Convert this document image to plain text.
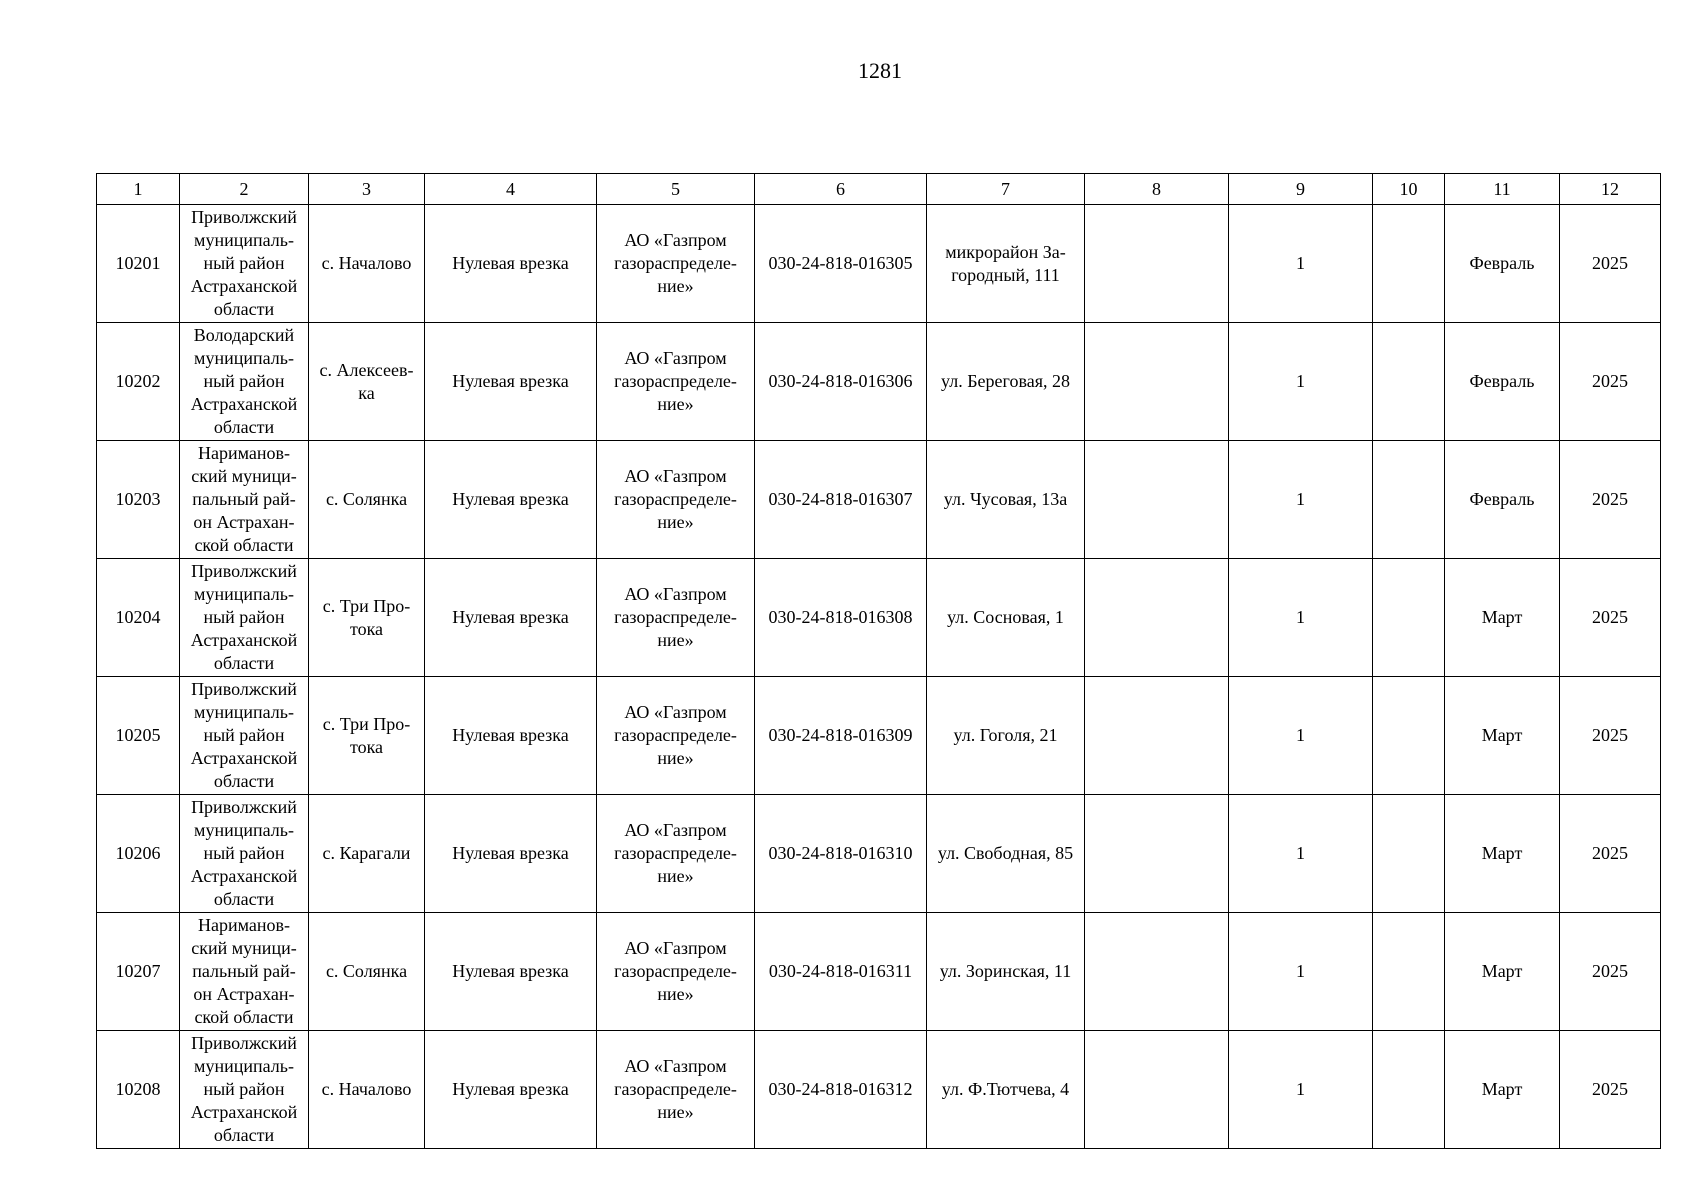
1281
1	2	3	4	5	6	7	8	9	10	11	12
10201	Приволжский
муниципаль-
ный район
Астраханской
области	с. Началово	Нулевая врезка	АО «Газпром
газораспределе-
ние»	030-24-818-016305	микрорайон За-
городный, 111		1		Февраль	2025
10202	Володарский
муниципаль-
ный район
Астраханской
области	с. Алексеев-
ка	Нулевая врезка	АО «Газпром
газораспределе-
ние»	030-24-818-016306	ул. Береговая, 28		1		Февраль	2025
10203	Нариманов-
ский муници-
пальный рай-
он Астрахан-
ской области	с. Солянка	Нулевая врезка	АО «Газпром
газораспределе-
ние»	030-24-818-016307	ул. Чусовая, 13а		1		Февраль	2025
10204	Приволжский
муниципаль-
ный район
Астраханской
области	с. Три Про-
тока	Нулевая врезка	АО «Газпром
газораспределе-
ние»	030-24-818-016308	ул. Сосновая, 1		1		Март	2025
10205	Приволжский
муниципаль-
ный район
Астраханской
области	с. Три Про-
тока	Нулевая врезка	АО «Газпром
газораспределе-
ние»	030-24-818-016309	ул. Гоголя, 21		1		Март	2025
10206	Приволжский
муниципаль-
ный район
Астраханской
области	с. Карагали	Нулевая врезка	АО «Газпром
газораспределе-
ние»	030-24-818-016310	ул. Свободная, 85		1		Март	2025
10207	Нариманов-
ский муници-
пальный рай-
он Астрахан-
ской области	с. Солянка	Нулевая врезка	АО «Газпром
газораспределе-
ние»	030-24-818-016311	ул. Зоринская, 11		1		Март	2025
10208	Приволжский
муниципаль-
ный район
Астраханской
области	с. Началово	Нулевая врезка	АО «Газпром
газораспределе-
ние»	030-24-818-016312	ул. Ф.Тютчева, 4		1		Март	2025
